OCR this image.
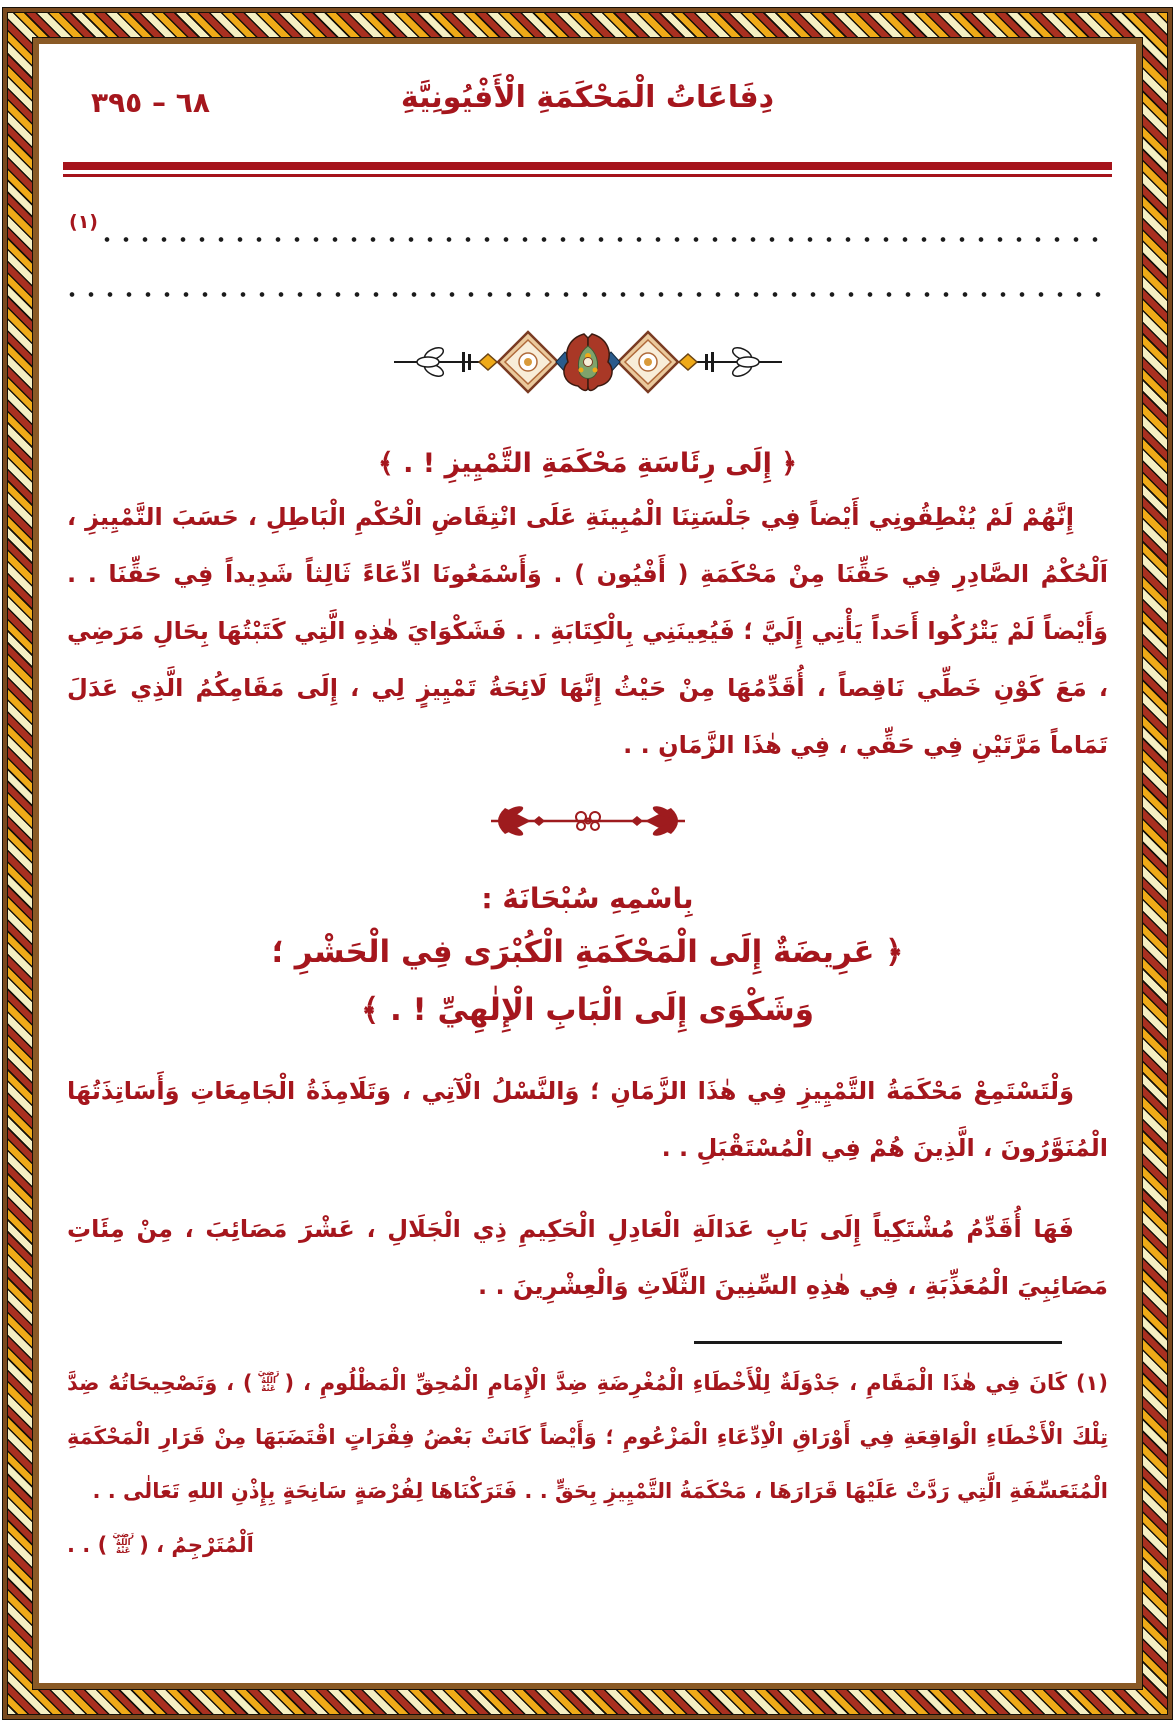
٦٨ – ٣٩٥	دِفَاعَاتُ الْمَحْكَمَةِ الْأَفْيُونِيَّةِ
(١)
﴿ إِلَى رِئَاسَةِ مَحْكَمَةِ التَّمْيِيزِ ! . ﴾
إِنَّهُمْ لَمْ يُنْطِقُونِي أَيْضاً فِي جَلْسَتِنَا الْمُبِينَةِ عَلَى انْتِقَاضِ الْحُكْمِ الْبَاطِلِ ، حَسَبَ التَّمْيِيزِ ، اَلْحُكْمُ الصَّادِرِ فِي حَقِّنَا مِنْ مَحْكَمَةِ ( أَفْيُون ) . وَأَسْمَعُونَا ادِّعَاءً ثَالِثاً شَدِيداً فِي حَقِّنَا . . وَأَيْضاً لَمْ يَتْرُكُوا أَحَداً يَأْتِي إِلَيَّ ؛ فَيُعِينَنِي بِالْكِتَابَةِ . . فَشَكْوَايَ هٰذِهِ الَّتِي كَتَبْتُهَا بِحَالِ مَرَضِي ، مَعَ كَوْنِ خَطِّي نَاقِصاً ، أُقَدِّمُهَا مِنْ حَيْثُ إِنَّهَا لَائِحَةُ تَمْيِيزٍ لِي ، إِلَى مَقَامِكُمُ الَّذِي عَدَلَ تَمَاماً مَرَّتَيْنِ فِي حَقِّي ، فِي هٰذَا الزَّمَانِ . .
بِاسْمِهِ سُبْحَانَهُ :
﴿ عَرِيضَةٌ إِلَى الْمَحْكَمَةِ الْكُبْرَى فِي الْحَشْرِ ؛
وَشَكْوَى إِلَى الْبَابِ الْإِلٰهِيِّ ! . ﴾
وَلْتَسْتَمِعْ مَحْكَمَةُ التَّمْيِيزِ فِي هٰذَا الزَّمَانِ ؛ وَالنَّسْلُ الْآتِي ، وَتَلَامِذَةُ الْجَامِعَاتِ وَأَسَاتِذَتُهَا الْمُنَوَّرُونَ ، الَّذِينَ هُمْ فِي الْمُسْتَقْبَلِ . .
فَهَا أُقَدِّمُ مُشْتَكِياً إِلَى بَابِ عَدَالَةِ الْعَادِلِ الْحَكِيمِ ذِي الْجَلَالِ ، عَشْرَ مَصَائِبَ ، مِنْ مِئَاتِ مَصَائِبِيَ الْمُعَذِّبَةِ ، فِي هٰذِهِ السِّنِينَ الثَّلَاثِ وَالْعِشْرِينَ . .
(١) كَانَ فِي هٰذَا الْمَقَامِ ، جَدْوَلَةٌ لِلْأَخْطَاءِ الْمُغْرِضَةِ ضِدَّ الْإِمَامِ الْمُحِقِّ الْمَظْلُومِ ، (رَضِيَ اللهُ عَنْهُ) ، وَتَصْحِيحَاتُهُ ضِدَّ تِلْكَ الْأَخْطَاءِ الْوَاقِعَةِ فِي أَوْرَاقِ الْاِدِّعَاءِ الْمَزْعُومِ ؛ وَأَيْضاً كَانَتْ بَعْضُ فِقْرَاتٍ اقْتَضَبَهَا مِنْ قَرَارِ الْمَحْكَمَةِ الْمُتَعَسِّفَةِ الَّتِي رَدَّتْ عَلَيْهَا قَرَارَهَا ، مَحْكَمَةُ التَّمْيِيزِ بِحَقٍّ . . فَتَرَكْنَاهَا لِفُرْصَةٍ سَانِحَةٍ بِإِذْنِ اللهِ تَعَالٰى . .
اَلْمُتَرْجِمُ ، (رَضِيَ اللهُ عَنْهُ) . .
